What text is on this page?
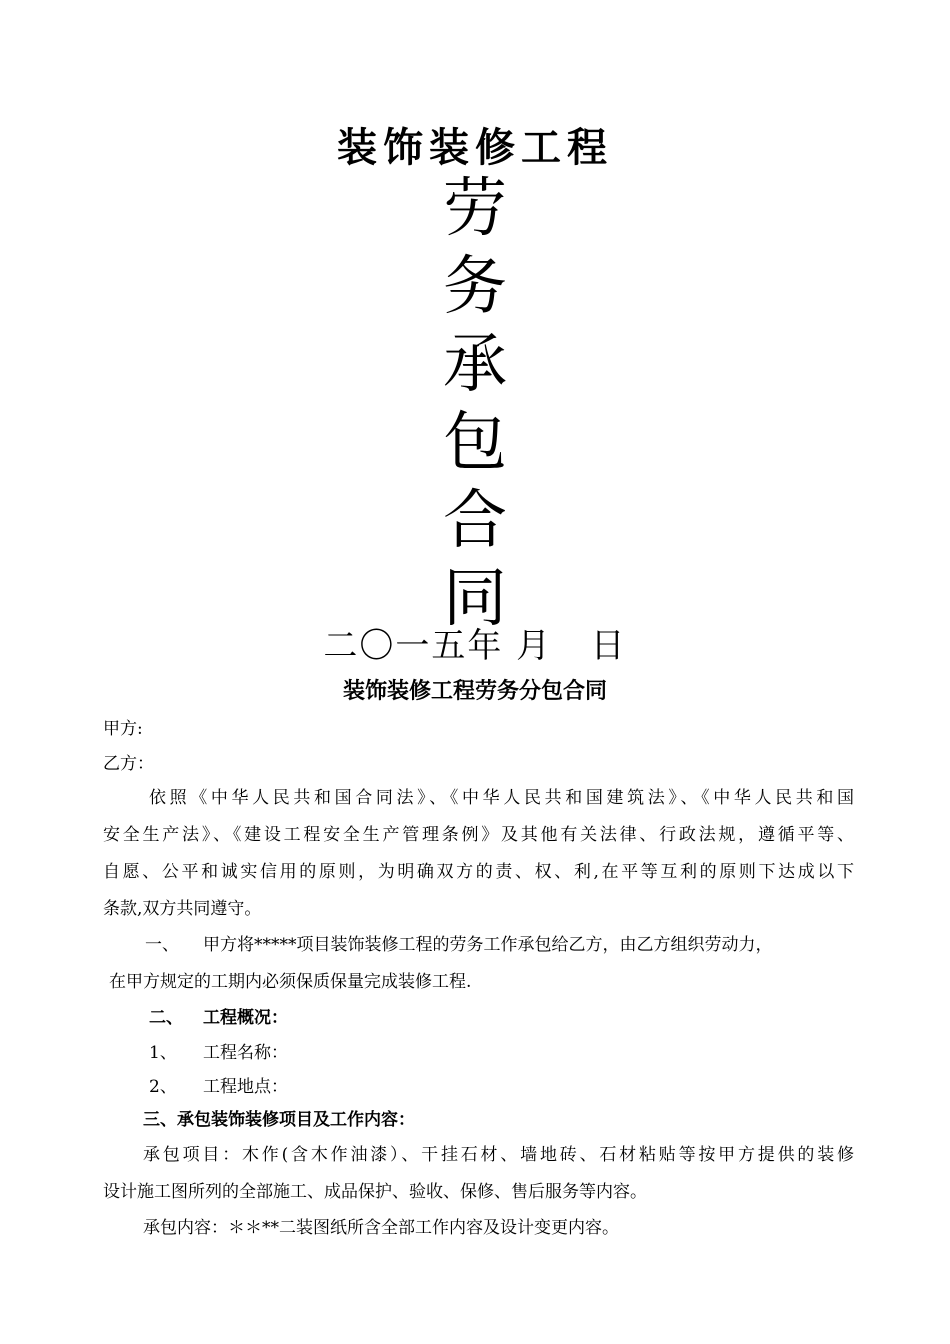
装饰装修工程
劳
务
承
包
合
同
二〇一五年 月   日
装饰装修工程劳务分包合同
甲方:
乙方：
依照《中华人民共和国合同法》、《中华人民共和国建筑法》、《中华人民共和国
安全生产法》、《建设工程安全生产管理条例》及其他有关法律、行政法规，遵循平等、
自愿、公平和诚实信用的原则，为明确双方的责、权、利,在平等互利的原则下达成以下
条款,双方共同遵守。
一、 甲方将*****项目装饰装修工程的劳务工作承包给乙方，由乙方组织劳动力，
在甲方规定的工期内必须保质保量完成装修工程.
二、 工程概况：
1、 工程名称：
2、 工程地点：
三、承包装饰装修项目及工作内容：
承包项目：木作(含木作油漆）、干挂石材、墙地砖、石材粘贴等按甲方提供的装修
设计施工图所列的全部施工、成品保护、验收、保修、售后服务等内容。
承包内容：＊＊**二装图纸所含全部工作内容及设计变更内容。
